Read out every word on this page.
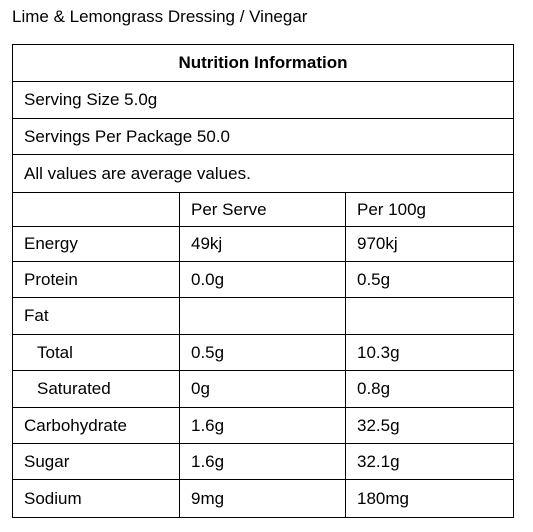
Lime & Lemongrass Dressing / Vinegar
Nutrition Information		
Serving Size 5.0g		
Servings Per Package 50.0		
All values are average values.		
	Per Serve	Per 100g
Energy	49kj	970kj
Protein	0.0g	0.5g
Fat		
Total	0.5g	10.3g
Saturated	0g	0.8g
Carbohydrate	1.6g	32.5g
Sugar	1.6g	32.1g
Sodium	9mg	180mg
